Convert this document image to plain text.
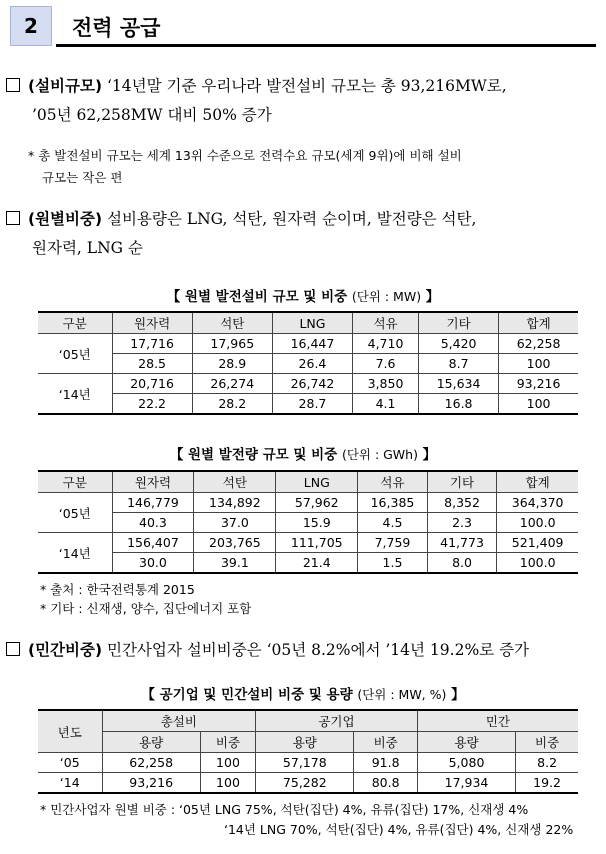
2	전력 공급
(설비규모) ‘14년말 기준 우리나라 발전설비 규모는 총 93,216MW로,
’05년 62,258MW 대비 50% 증가
* 총 발전설비 규모는 세계 13위 수준으로 전력수요 규모(세계 9위)에 비해 설비
규모는 작은 편
(원별비중) 설비용량은 LNG, 석탄, 원자력 순이며, 발전량은 석탄,
원자력, LNG 순
【 원별 발전설비 규모 및 비중 (단위 : MW) 】
구분	원자력	석탄	LNG	석유	기타	합계
‘05년	17,716	17,965	16,447	4,710	5,420	62,258
	28.5	28.9	26.4	7.6	8.7	100
‘14년	20,716	26,274	26,742	3,850	15,634	93,216
	22.2	28.2	28.7	4.1	16.8	100
【 원별 발전량 규모 및 비중 (단위 : GWh) 】
구분	원자력	석탄	LNG	석유	기타	합계
‘05년	146,779	134,892	57,962	16,385	8,352	364,370
	40.3	37.0	15.9	4.5	2.3	100.0
‘14년	156,407	203,765	111,705	7,759	41,773	521,409
	30.0	39.1	21.4	1.5	8.0	100.0
* 출처 : 한국전력통계 2015
* 기타 : 신재생, 양수, 집단에너지 포함
(민간비중) 민간사업자 설비비중은 ‘05년 8.2%에서 ’14년 19.2%로 증가
【 공기업 및 민간설비 비중 및 용량 (단위 : MW, %) 】
년도	총설비		공기업		민간	
	용량	비중	용량	비중	용량	비중
‘05	62,258	100	57,178	91.8	5,080	8.2
‘14	93,216	100	75,282	80.8	17,934	19.2
* 민간사업자 원별 비중 : ‘05년 LNG 75%, 석탄(집단) 4%, 유류(집단) 17%, 신재생 4%
‘14년 LNG 70%, 석탄(집단) 4%, 유류(집단) 4%, 신재생 22%
